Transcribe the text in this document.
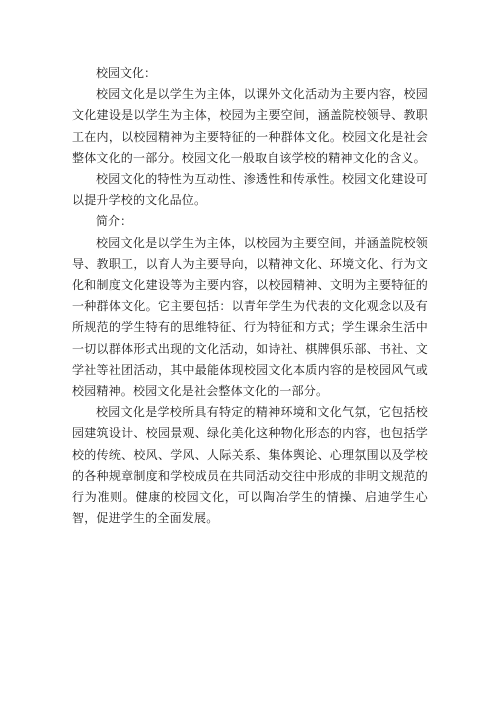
校园文化：

校园文化是以学生为主体，以课外文化活动为主要内容，校园文化建设是以学生为主体，校园为主要空间，涵盖院校领导、教职工在内，以校园精神为主要特征的一种群体文化。校园文化是社会整体文化的一部分。校园文化一般取自该学校的精神文化的含义。

校园文化的特性为互动性、渗透性和传承性。校园文化建设可以提升学校的文化品位。

简介：

校园文化是以学生为主体，以校园为主要空间，并涵盖院校领导、教职工，以育人为主要导向，以精神文化、环境文化、行为文化和制度文化建设等为主要内容，以校园精神、文明为主要特征的一种群体文化。它主要包括：以青年学生为代表的文化观念以及有所规范的学生特有的思维特征、行为特征和方式；学生课余生活中一切以群体形式出现的文化活动，如诗社、棋牌俱乐部、书社、文学社等社团活动，其中最能体现校园文化本质内容的是校园风气或校园精神。校园文化是社会整体文化的一部分。

校园文化是学校所具有特定的精神环境和文化气氛，它包括校园建筑设计、校园景观、绿化美化这种物化形态的内容，也包括学校的传统、校风、学风、人际关系、集体舆论、心理氛围以及学校的各种规章制度和学校成员在共同活动交往中形成的非明文规范的行为准则。健康的校园文化，可以陶冶学生的情操、启迪学生心智，促进学生的全面发展。
